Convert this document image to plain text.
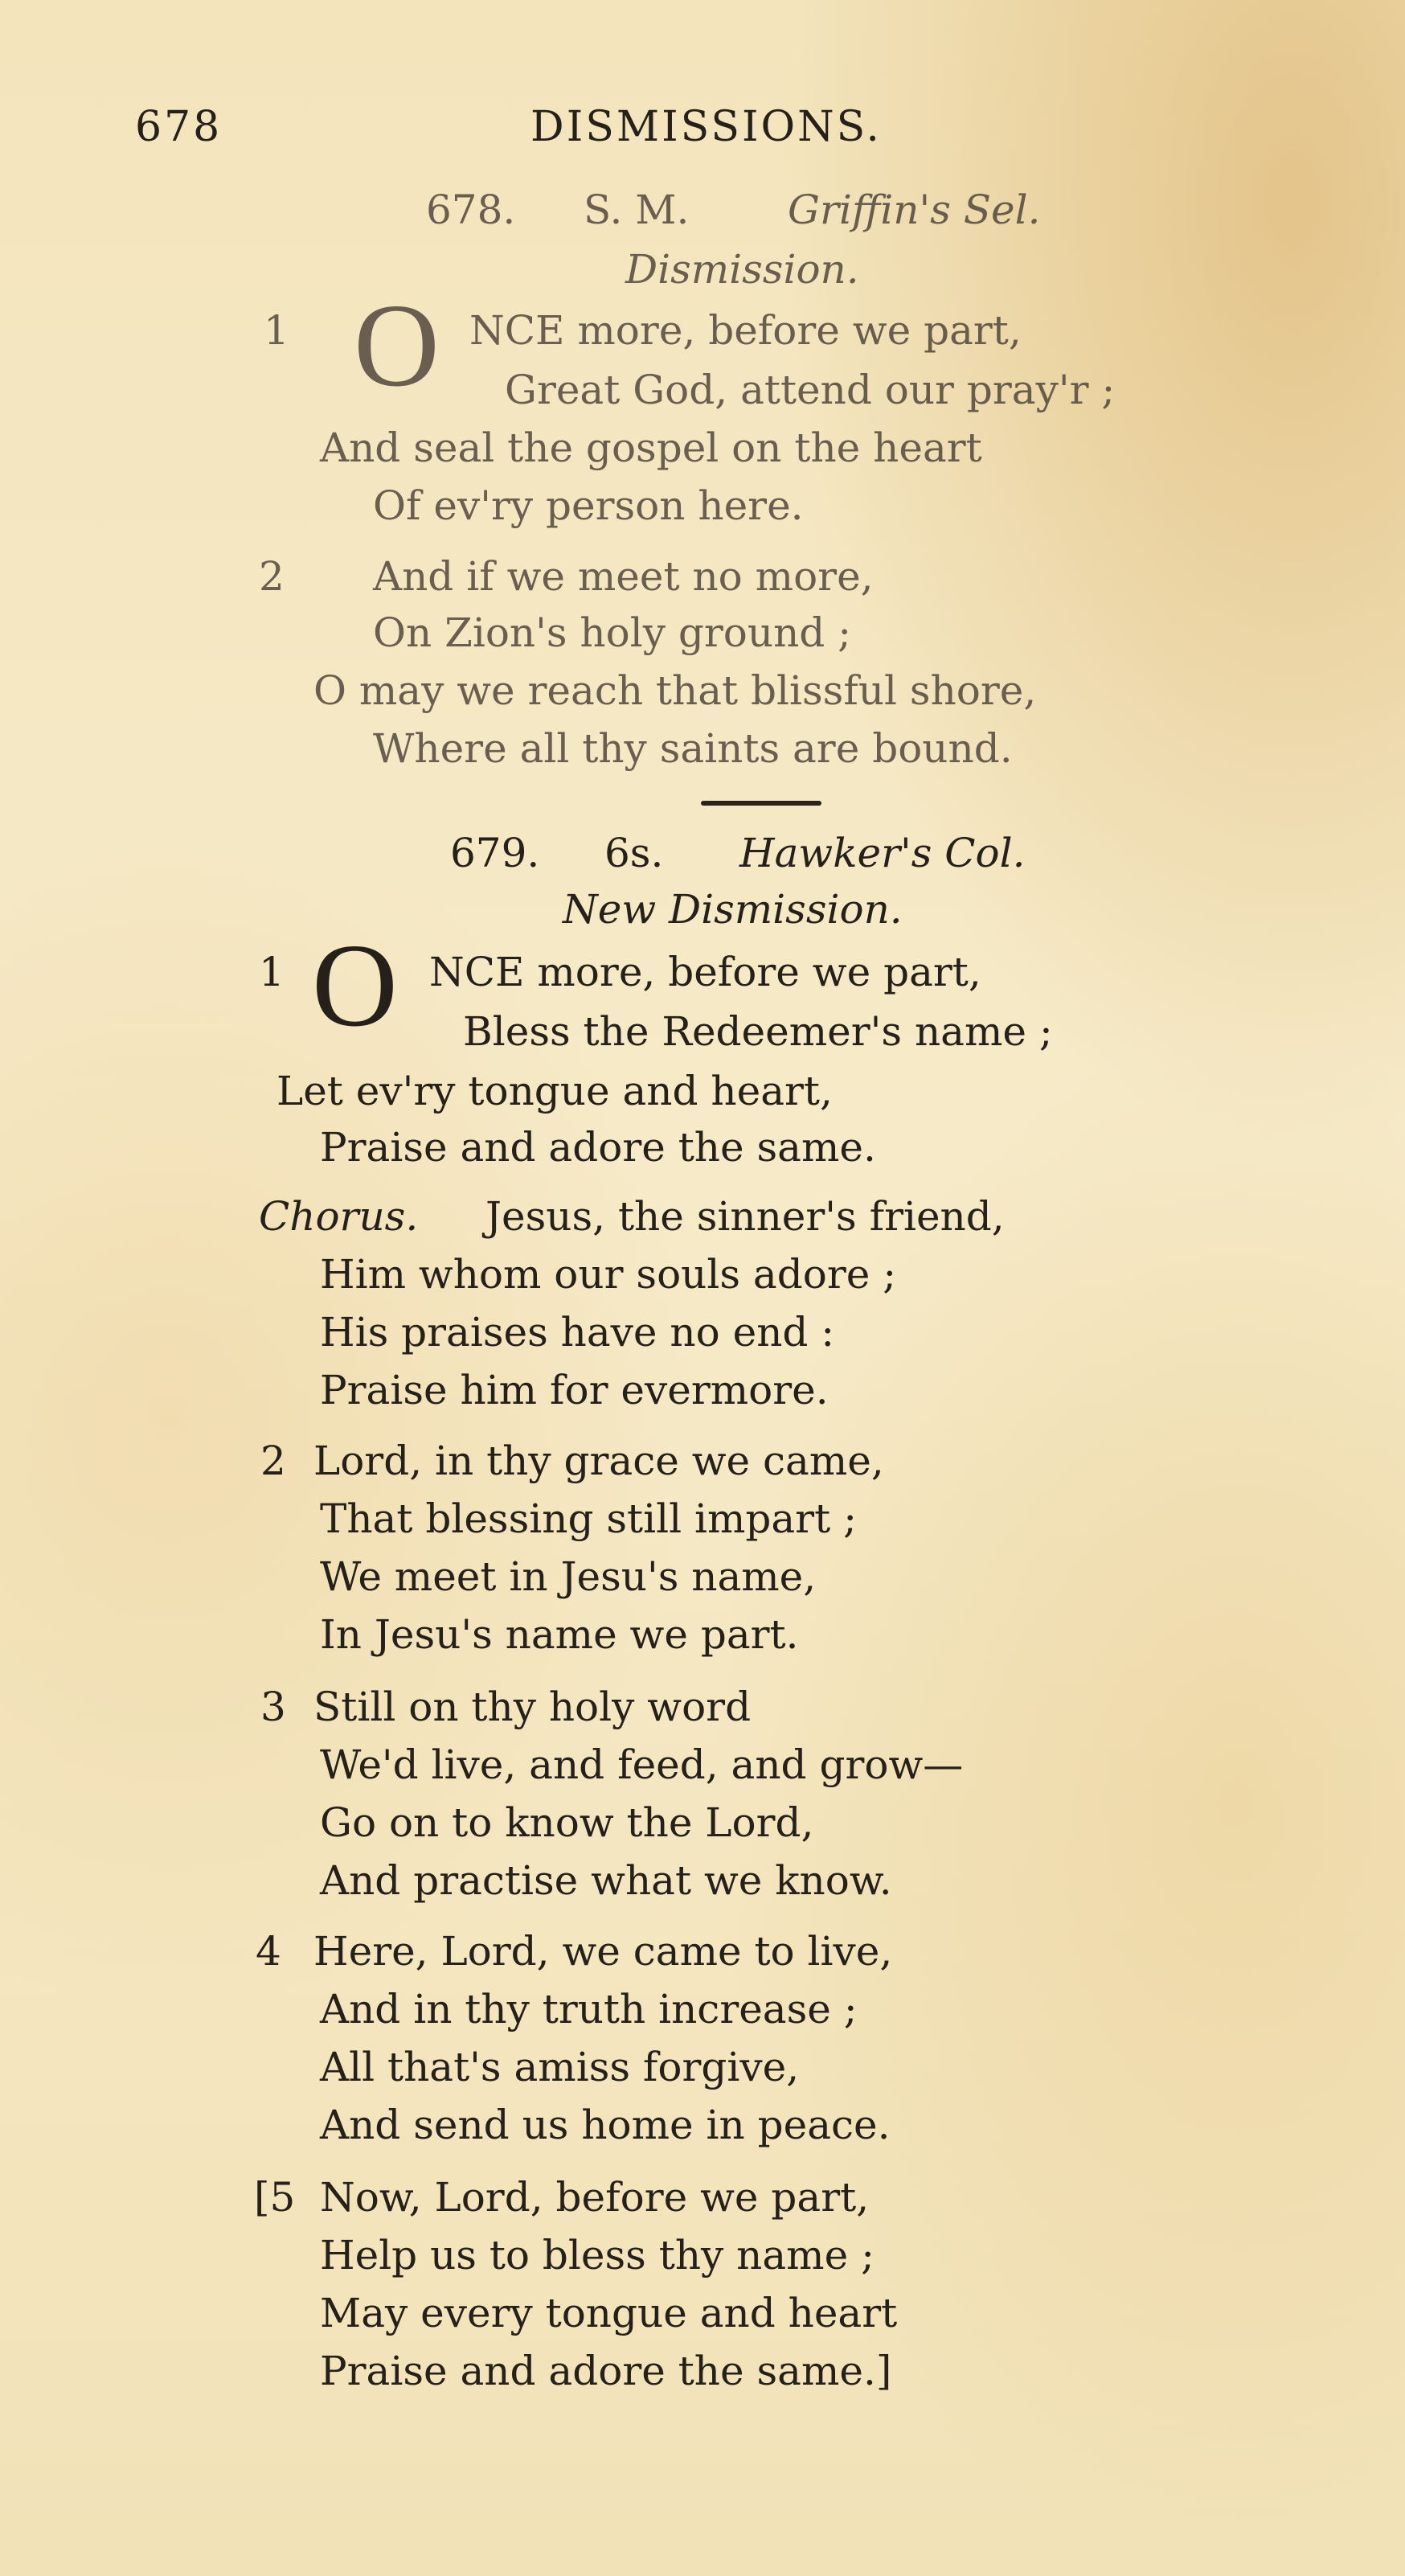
678	DISMISSIONS.
678. S. M. Griffin's Sel.
Dismission.
1 O NCE more, before we part,
Great God, attend our pray'r ;
And seal the gospel on the heart
Of ev'ry person here.
2 And if we meet no more,
On Zion's holy ground ;
O may we reach that blissful shore,
Where all thy saints are bound.
679. 6s. Hawker's Col.
New Dismission.
1 O NCE more, before we part,
Bless the Redeemer's name ;
Let ev'ry tongue and heart,
Praise and adore the same.
Chorus. Jesus, the sinner's friend,
Him whom our souls adore ;
His praises have no end :
Praise him for evermore.
2 Lord, in thy grace we came,
That blessing still impart ;
We meet in Jesu's name,
In Jesu's name we part.
3 Still on thy holy word
We'd live, and feed, and grow—
Go on to know the Lord,
And practise what we know.
4 Here, Lord, we came to live,
And in thy truth increase ;
All that's amiss forgive,
And send us home in peace.
[5 Now, Lord, before we part,
Help us to bless thy name ;
May every tongue and heart
Praise and adore the same.]
